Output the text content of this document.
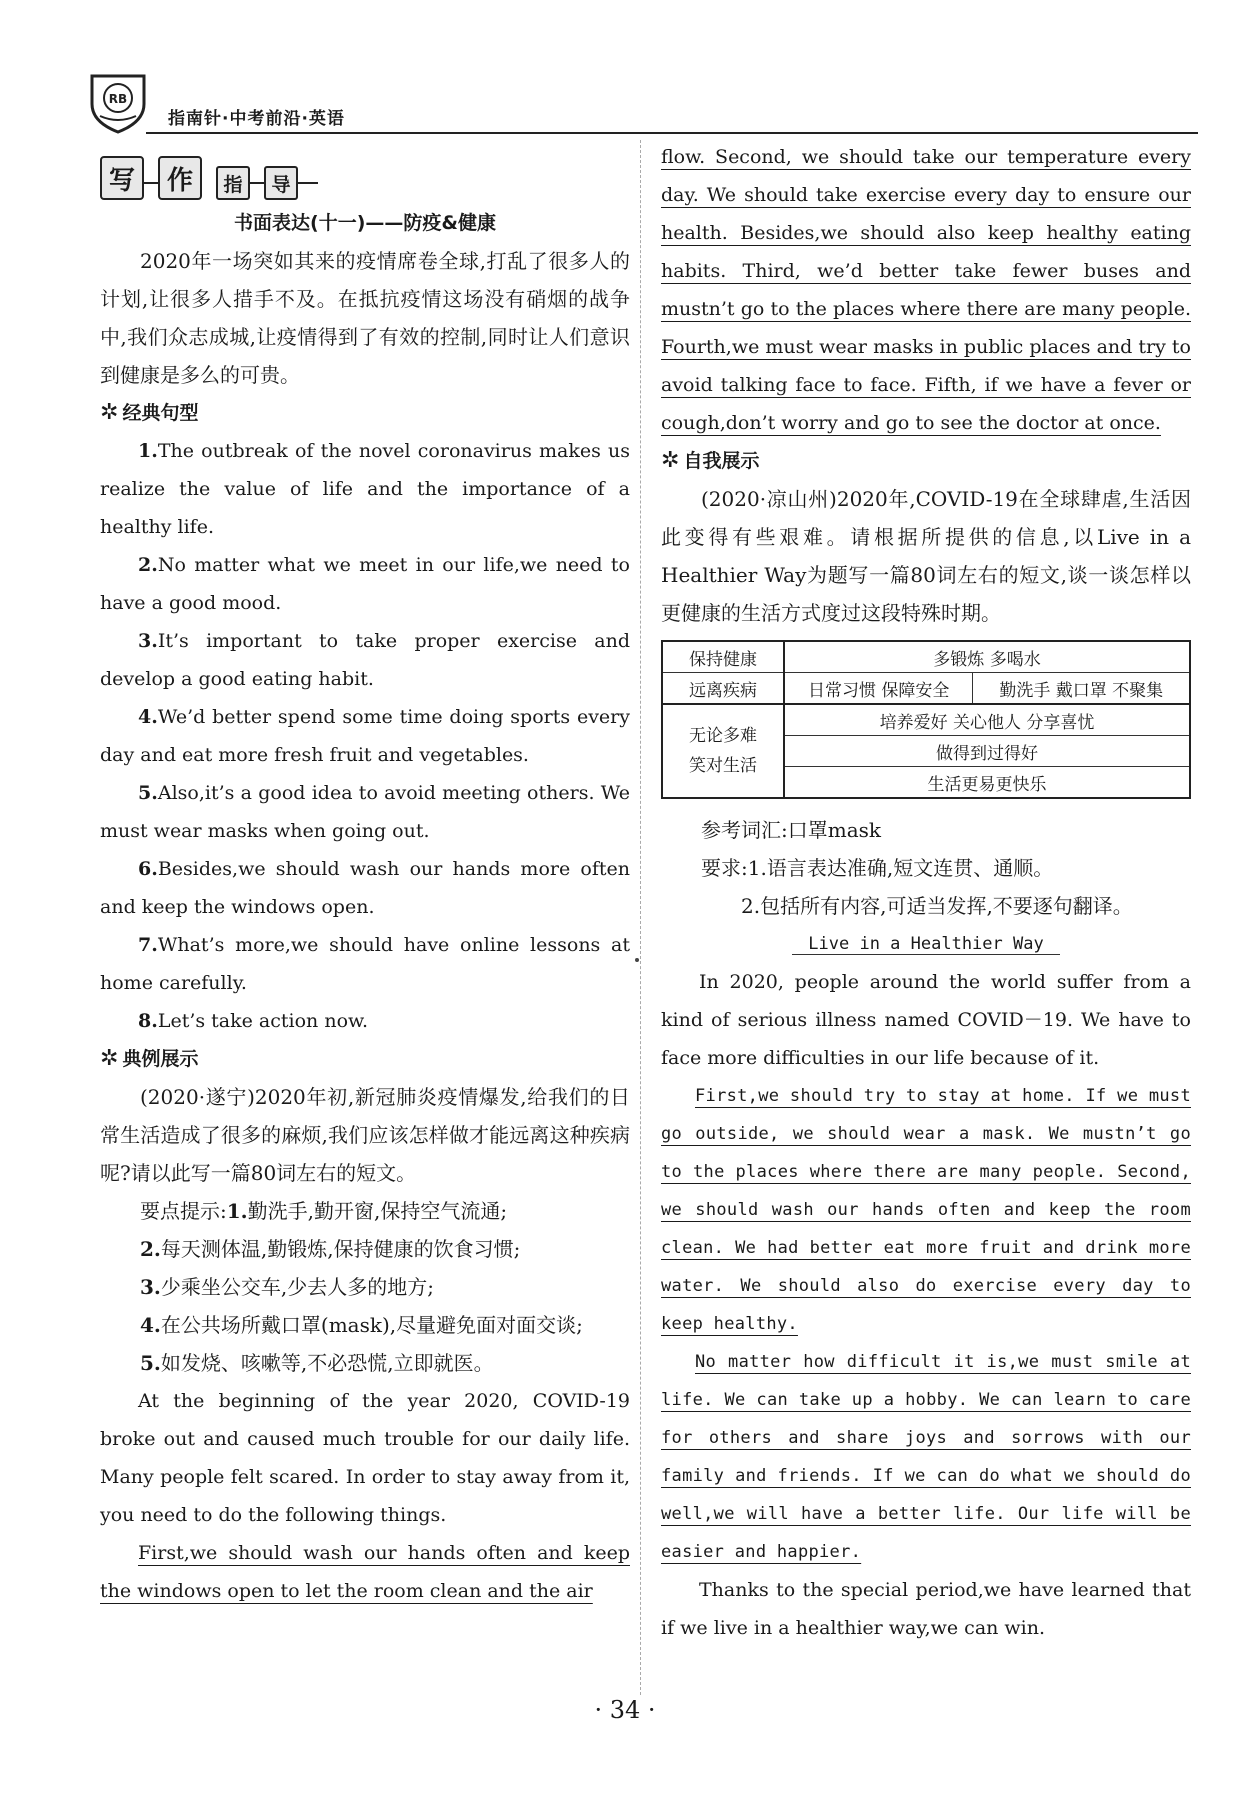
RB
指南针·中考前沿·英语
写	作	指	导
书面表达(十一)——防疫&健康

2020年一场突如其来的疫情席卷全球,打乱了很多人的计划,让很多人措手不及。在抵抗疫情这场没有硝烟的战争中,我们众志成城,让疫情得到了有效的控制,同时让人们意识到健康是多么的可贵。

✲ 经典句型

1.The outbreak of the novel coronavirus makes us realize the value of life and the importance of a healthy life.

2.No matter what we meet in our life,we need to have a good mood.

3.It’s important to take proper exercise and develop a good eating habit.

4.We’d better spend some time doing sports every day and eat more fresh fruit and vegetables.

5.Also,it’s a good idea to avoid meeting others. We must wear masks when going out.

6.Besides,we should wash our hands more often and keep the windows open.

7.What’s more,we should have online lessons at home carefully.

8.Let’s take action now.

✲ 典例展示

(2020·遂宁)2020年初,新冠肺炎疫情爆发,给我们的日常生活造成了很多的麻烦,我们应该怎样做才能远离这种疾病呢?请以此写一篇80词左右的短文。

要点提示:1.勤洗手,勤开窗,保持空气流通;

2.每天测体温,勤锻炼,保持健康的饮食习惯;

3.少乘坐公交车,少去人多的地方;

4.在公共场所戴口罩(mask),尽量避免面对面交谈;

5.如发烧、咳嗽等,不必恐慌,立即就医。

At the beginning of the year 2020, COVID-19 broke out and caused much trouble for our daily life. Many people felt scared. In order to stay away from it, you need to do the following things.

First,we should wash our hands often and keep the windows open to let the room clean and the air

flow. Second, we should take our temperature every day. We should take exercise every day to ensure our health. Besides,we should also keep healthy eating habits. Third, we’d better take fewer buses and mustn’t go to the places where there are many people. Fourth,we must wear masks in public places and try to avoid talking face to face. Fifth, if we have a fever or cough,don’t worry and go to see the doctor at once.

✲ 自我展示

(2020·凉山州)2020年,COVID-19在全球肆虐,生活因此变得有些艰难。请根据所提供的信息,以Live in a Healthier Way为题写一篇80词左右的短文,谈一谈怎样以更健康的生活方式度过这段特殊时期。

保持健康	多锻炼 多喝水	
远离疾病	日常习惯 保障安全	勤洗手 戴口罩 不聚集

无论多难
笑对生活	培养爱好 关心他人 分享喜忧	
	做得到过得好	
	生活更易更快乐	

参考词汇:口罩mask

要求:1.语言表达准确,短文连贯、通顺。

2.包括所有内容,可适当发挥,不要逐句翻译。

Live in a Healthier Way

In 2020, people around the world suffer from a kind of serious illness named COVID－19. We have to face more difficulties in our life because of it.

First,we should try to stay at home. If we must go outside, we should wear a mask. We mustn’t go to the places where there are many people. Second, we should wash our hands often and keep the room clean. We had better eat more fruit and drink more water. We should also do exercise every day to keep healthy.

No matter how difficult it is,we must smile at life. We can take up a hobby. We can learn to care for others and share joys and sorrows with our family and friends. If we can do what we should do well,we will have a better life. Our life will be easier and happier.

Thanks to the special period,we have learned that if we live in a healthier way,we can win.

· 34 ·
